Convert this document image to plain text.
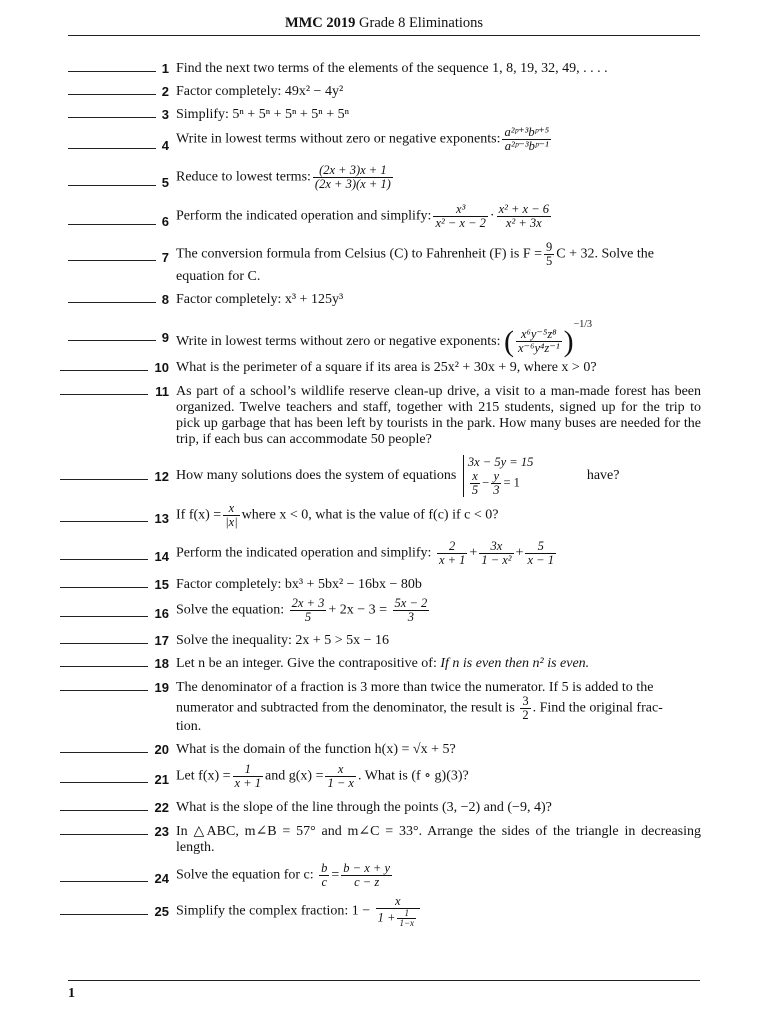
MMC 2019 Grade 8 Eliminations
1 Find the next two terms of the elements of the sequence 1, 8, 19, 32, 49, . . . .
2 Factor completely: 49x² − 4y²
3 Simplify: 5ⁿ + 5ⁿ + 5ⁿ + 5ⁿ + 5ⁿ
4 Write in lowest terms without zero or negative exponents: $\frac{\text{a²ᵖ⁺³bᵖ⁺⁵}}{\text{a²ᵖ⁻³bᵖ⁻¹}}$
5 Reduce to lowest terms: $\frac{(2x + 3)x + 1}{(2x + 3)(x + 1)}$
6 Perform the indicated operation and simplify: $\frac{\text{x³}}{\text{x² − x − 2}} \cdot \frac{\text{x² + x − 6}}{\text{x² + 3x}}$
7 The conversion formula from Celsius (C) to Fahrenheit (F) is $F = \frac{9}{5}$ C + 32. Solve the
equation for C.
8 Factor completely: x³ + 125y³
9 Write in lowest terms without zero or negative exponents: ( $\frac{\text{x⁶y⁻⁵z⁸}}{\text{x⁻⁶y⁴z⁻¹}} )^{-1/3}$
10 What is the perimeter of a square if its area is 25x² + 30x + 9, where x > 0?
11 As part of a school’s wildlife reserve clean-up drive, a visit to a man-made forest has been organized. Twelve teachers and staff, together with 215 students, signed up for the trip to pick up garbage that has been left by tourists in the park. How many buses are needed for the trip, if each bus can accommodate 50 people?
12 How many solutions does the system of equations
3x − 5y = 15
$\frac{x}{5} - \frac{y}{3} = 1$	have?
13 If $f(x) = \frac{x}{|x|}$ where x < 0, what is the value of f(c) if c < 0?
14 Perform the indicated operation and simplify: $\frac{2}{x + 1} + \frac{3x}{\text{1 − x²}} + \frac{5}{x - 1}$
15 Factor completely: bx³ + 5bx² − 16bx − 80b
16 Solve the equation: $\frac{2x + 3}{5} + 2x - 3 = \frac{5x - 2}{3}$
17 Solve the inequality: 2x + 5 > 5x − 16
18 Let n be an integer. Give the contrapositive of: If n is even then n² is even.
19 The denominator of a fraction is 3 more than twice the numerator. If 5 is added to the
numerator and subtracted from the denominator, the result is $\frac{3}{2}$ . Find the original frac-
tion.
20 What is the domain of the function h(x) = √x + 5?
21 Let $f(x) = \frac{1}{x + 1}$ and $g(x) = \frac{x}{1 - x}$ . What is (f ∘ g)(3)?
22 What is the slope of the line through the points (3, −2) and (−9, 4)?
23 In △ABC, m∠B = 57° and m∠C = 33°. Arrange the sides of the triangle in decreasing length.
24 Solve the equation for c: $\frac{b}{c} = \frac{b - x + y}{c - z}$
25 Simplify the complex fraction: $1 - \frac{x}{1 + \frac{1}{1-x}}$
1
